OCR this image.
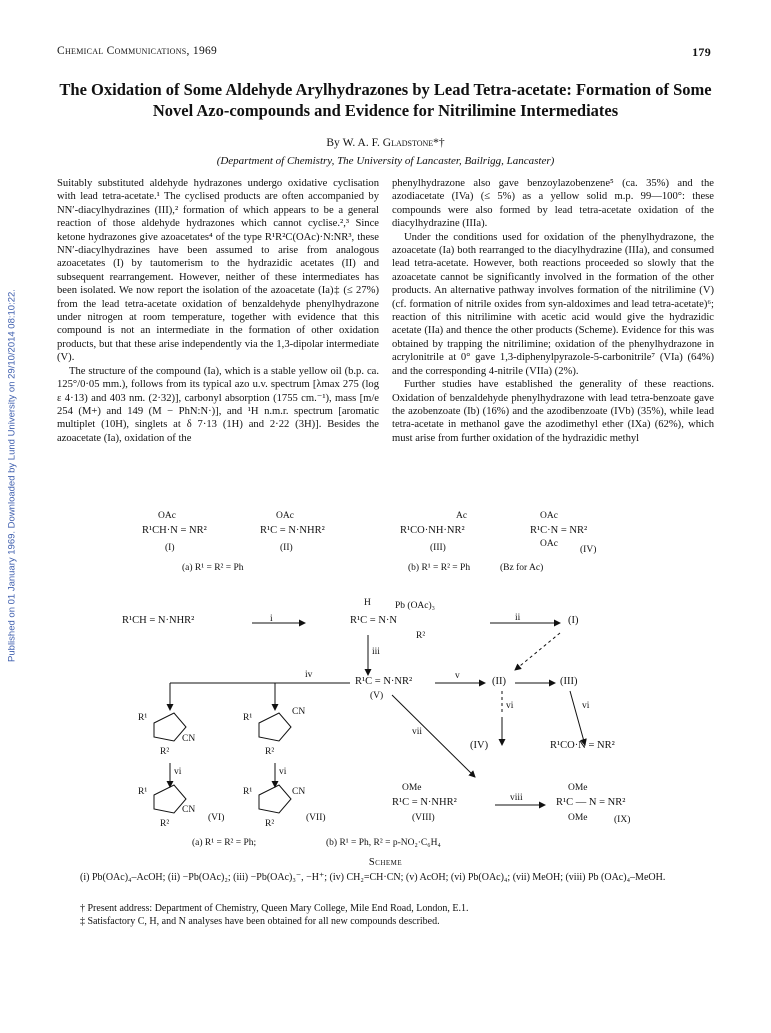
Published on 01 January 1969. Downloaded by Lund University on 29/10/2014 08:10:22.
Chemical Communications, 1969	179
The Oxidation of Some Aldehyde Arylhydrazones by Lead Tetra-acetate: Formation of Some Novel Azo-compounds and Evidence for Nitrilimine Intermediates
By W. A. F. Gladstone*†
(Department of Chemistry, The University of Lancaster, Bailrigg, Lancaster)

Suitably substituted aldehyde hydrazones undergo oxidative cyclisation with lead tetra-acetate.¹ The cyclised products are often accompanied by NN′-diacylhydrazines (III),² formation of which appears to be a general reaction of those aldehyde hydrazones which cannot cyclise.²,³ Since ketone hydrazones give azoacetates⁴ of the type R¹R²C(OAc)·N:NR³, these NN′-diacylhydrazines have been assumed to arise from analogous azoacetates (I) by tautomerism to the hydrazidic acetates (II) and subsequent rearrangement. However, neither of these intermediates has been isolated. We now report the isolation of the azoacetate (Ia)‡ (≤ 27%) from the lead tetra-acetate oxidation of benzaldehyde phenylhydrazone under nitrogen at room temperature, together with evidence that this compound is not an intermediate in the formation of other oxidation products, but that these arise independently via the 1,3-dipolar intermediate (V).

The structure of the compound (Ia), which is a stable yellow oil (b.p. ca. 125°/0·05 mm.), follows from its typical azo u.v. spectrum [λmax 275 (log ε 4·13) and 403 nm. (2·32)], carbonyl absorption (1755 cm.⁻¹), mass [m/e 254 (M+) and 149 (M − PhN:N·)], and ¹H n.m.r. spectrum [aromatic multiplet (10H), singlets at δ 7·13 (1H) and 2·22 (3H)]. Besides the azoacetate (Ia), oxidation of the

phenylhydrazone also gave benzoylazobenzene⁵ (ca. 35%) and the azodiacetate (IVa) (≤ 5%) as a yellow solid m.p. 99—100°: these compounds were also formed by lead tetra-acetate oxidation of the diacylhydrazine (IIIa).

Under the conditions used for oxidation of the phenylhydrazone, the azoacetate (Ia) both rearranged to the diacylhydrazine (IIIa), and consumed lead tetra-acetate. However, both reactions proceeded so slowly that the azoacetate cannot be significantly involved in the formation of the other products. An alternative pathway involves formation of the nitrilimine (V) (cf. formation of nitrile oxides from syn-aldoximes and lead tetra-acetate)⁶; reaction of this nitrilimine with acetic acid would give the hydrazidic acetate (IIa) and thence the other products (Scheme). Evidence for this was obtained by trapping the nitrilimine; oxidation of the phenylhydrazone in acrylonitrile at 0° gave 1,3-diphenylpyrazole-5-carbonitrile⁷ (VIa) (64%) and the corresponding 4-nitrile (VIIa) (2%).

Further studies have established the generality of these reactions. Oxidation of benzaldehyde phenylhydrazone with lead tetra-benzoate gave the azobenzoate (Ib) (16%) and the azodibenzoate (IVb) (35%), while lead tetra-acetate in methanol gave the azodimethyl ether (IXa) (62%), which must arise from further oxidation of the hydrazidic methyl

OAc
R¹CH·N = NR²
(I)
OAc
R¹C = N·NHR²
(II)
Ac
R¹CO·NH·NR²
(III)
OAc
R¹C·N = NR²
OAc
(IV)
(a) R¹ = R² = Ph	(b) R¹ = R² = Ph	(Bz for Ac)
R¹CH = N·NHR²	i
H	Pb (OAc)₃
R¹C = N·N
R²
ii	(I)
iii
iv
R¹C = N·NR²
(V)
v	(II)	(III)
R¹
CN
R²
R¹
CN
R²
vi	vi
vii
vi	vi
(IV)	R¹CO·N = NR²
R¹
CN
R²
(VI)
R¹	CN
R²
(VII)
OMe
R¹C = N·NHR²
(VIII)
viii
OMe
R¹C — N = NR²
OMe	(IX)
(a) R¹ = R² = Ph;	(b) R¹ = Ph, R² = p-NO₂·C₆H₄
Scheme
(i) Pb(OAc)₄–AcOH; (ii) −Pb(OAc)₂; (iii) −Pb(OAc)₃⁻, −H⁺; (iv) CH₂=CH·CN; (v) AcOH; (vi) Pb(OAc)₄; (vii) MeOH; (viii) Pb (OAc)₄–MeOH.
† Present address: Department of Chemistry, Queen Mary College, Mile End Road, London, E.1.
‡ Satisfactory C, H, and N analyses have been obtained for all new compounds described.
